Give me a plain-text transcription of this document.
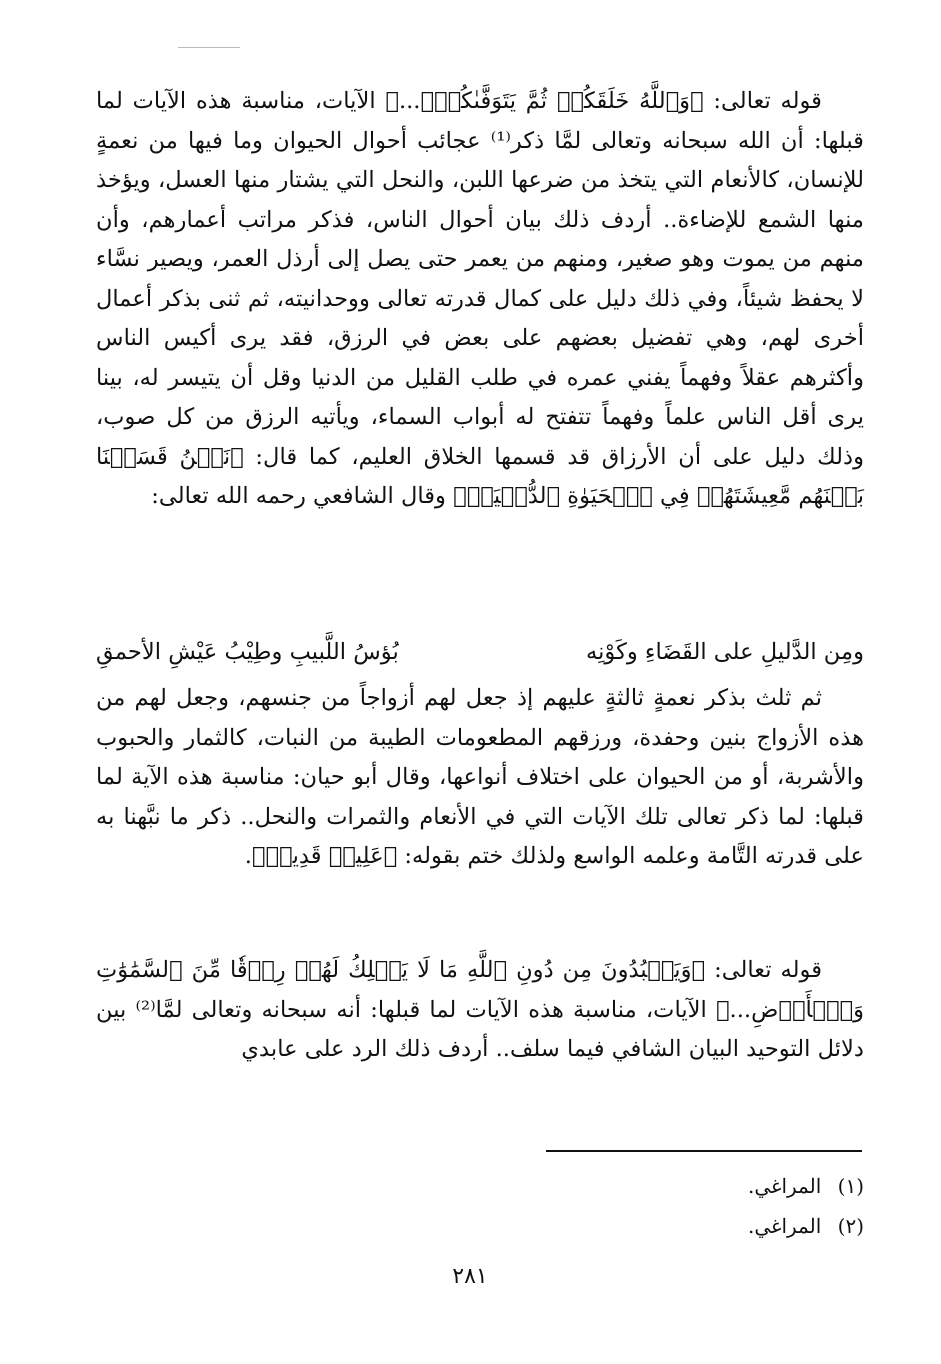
قوله تعالى: ﴿وَٱللَّهُ خَلَقَكُمۡ ثُمَّ يَتَوَفَّىٰكُمۡۚ...﴾ الآيات، مناسبة هذه الآيات لما قبلها: أن الله سبحانه وتعالى لمَّا ذكر⁽¹⁾ عجائب أحوال الحيوان وما فيها من نعمةٍ للإنسان، كالأنعام التي يتخذ من ضرعها اللبن، والنحل التي يشتار منها العسل، ويؤخذ منها الشمع للإضاءة.. أردف ذلك بيان أحوال الناس، فذكر مراتب أعمارهم، وأن منهم من يموت وهو صغير، ومنهم من يعمر حتى يصل إلى أرذل العمر، ويصير نسَّاء لا يحفظ شيئاً، وفي ذلك دليل على كمال قدرته تعالى ووحدانيته، ثم ثنى بذكر أعمال أخرى لهم، وهي تفضيل بعضهم على بعض في الرزق، فقد يرى أكيس الناس وأكثرهم عقلاً وفهماً يفني عمره في طلب القليل من الدنيا وقل أن يتيسر له، بينا يرى أقل الناس علماً وفهماً تتفتح له أبواب السماء، ويأتيه الرزق من كل صوب، وذلك دليل على أن الأرزاق قد قسمها الخلاق العليم، كما قال: ﴿نَحۡنُ قَسَمۡنَا بَيۡنَهُم مَّعِيشَتَهُمۡ فِي ٱلۡحَيَوٰةِ ٱلدُّنۡيَاۚ﴾ وقال الشافعي رحمه الله تعالى:

ومِن الدَّليلِ على القَضَاءِ وكَوْنِه
بُؤسُ اللَّبيبِ وطِيْبُ عَيْشِ الأحمقِ

ثم ثلث بذكر نعمةٍ ثالثةٍ عليهم إذ جعل لهم أزواجاً من جنسهم، وجعل لهم من هذه الأزواج بنين وحفدة، ورزقهم المطعومات الطيبة من النبات، كالثمار والحبوب والأشربة، أو من الحيوان على اختلاف أنواعها، وقال أبو حيان: مناسبة هذه الآية لما قبلها: لما ذكر تعالى تلك الآيات التي في الأنعام والثمرات والنحل.. ذكر ما نبَّهنا به على قدرته التَّامة وعلمه الواسع ولذلك ختم بقوله: ﴿عَلِيمٞ قَدِيرٞ﴾.

قوله تعالى: ﴿وَيَعۡبُدُونَ مِن دُونِ ٱللَّهِ مَا لَا يَمۡلِكُ لَهُمۡ رِزۡقٗا مِّنَ ٱلسَّمَٰوَٰتِ وَٱلۡأَرۡضِ...﴾ الآيات، مناسبة هذه الآيات لما قبلها: أنه سبحانه وتعالى لمَّا⁽²⁾ بين دلائل التوحيد البيان الشافي فيما سلف.. أردف ذلك الرد على عابدي

(١) المراغي.
(٢) المراغي.
٢٨١
